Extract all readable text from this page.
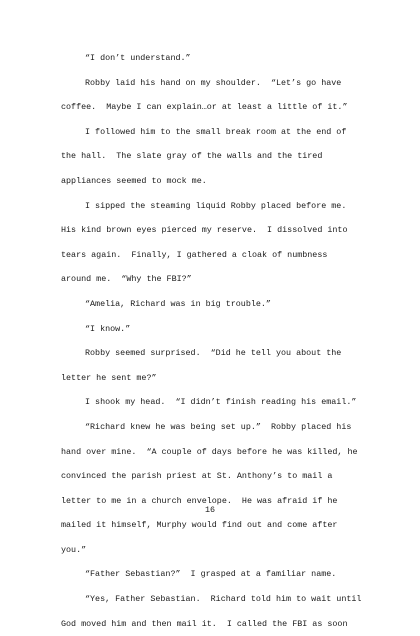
“I don’t understand.”
Robby laid his hand on my shoulder.  “Let’s go have
coffee.  Maybe I can explain…or at least a little of it.”
I followed him to the small break room at the end of
the hall.  The slate gray of the walls and the tired
appliances seemed to mock me.
I sipped the steaming liquid Robby placed before me.
His kind brown eyes pierced my reserve.  I dissolved into
tears again.  Finally, I gathered a cloak of numbness
around me.  “Why the FBI?”
“Amelia, Richard was in big trouble.”
“I know.”
Robby seemed surprised.  “Did he tell you about the
letter he sent me?”
I shook my head.  “I didn’t finish reading his email.”
“Richard knew he was being set up.”  Robby placed his
hand over mine.  “A couple of days before he was killed, he
convinced the parish priest at St. Anthony’s to mail a
letter to me in a church envelope.  He was afraid if he
mailed it himself, Murphy would find out and come after
you.”
“Father Sebastian?”  I grasped at a familiar name.
“Yes, Father Sebastian.  Richard told him to wait until
God moved him and then mail it.  I called the FBI as soon
16
